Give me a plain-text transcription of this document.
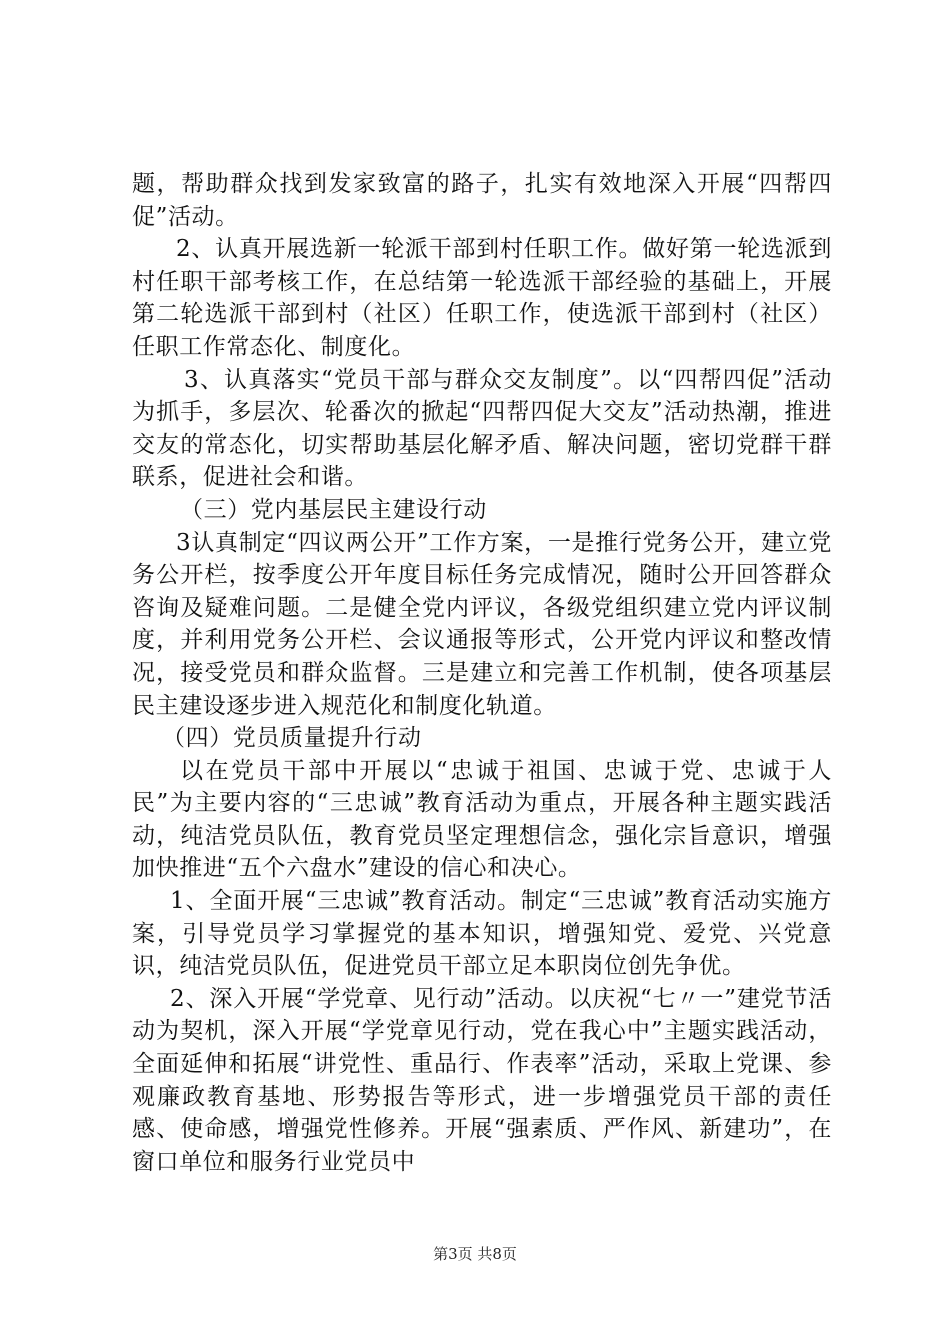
题，帮助群众找到发家致富的路子，扎实有效地深入开展“四帮四促”活动。

2、认真开展选新一轮派干部到村任职工作。做好第一轮选派到村任职干部考核工作，在总结第一轮选派干部经验的基础上，开展第二轮选派干部到村（社区）任职工作，使选派干部到村（社区）任职工作常态化、制度化。

3、认真落实“党员干部与群众交友制度”。以“四帮四促”活动为抓手，多层次、轮番次的掀起“四帮四促大交友”活动热潮，推进交友的常态化，切实帮助基层化解矛盾、解决问题，密切党群干群联系，促进社会和谐。

（三）党内基层民主建设行动

3认真制定“四议两公开”工作方案，一是推行党务公开，建立党务公开栏，按季度公开年度目标任务完成情况，随时公开回答群众咨询及疑难问题。二是健全党内评议，各级党组织建立党内评议制度，并利用党务公开栏、会议通报等形式，公开党内评议和整改情况，接受党员和群众监督。三是建立和完善工作机制，使各项基层民主建设逐步进入规范化和制度化轨道。

（四）党员质量提升行动

以在党员干部中开展以“忠诚于祖国、忠诚于党、忠诚于人民”为主要内容的“三忠诚”教育活动为重点，开展各种主题实践活动，纯洁党员队伍，教育党员坚定理想信念，强化宗旨意识，增强加快推进“五个六盘水”建设的信心和决心。

1、全面开展“三忠诚”教育活动。制定“三忠诚”教育活动实施方案，引导党员学习掌握党的基本知识，增强知党、爱党、兴党意识，纯洁党员队伍，促进党员干部立足本职岗位创先争优。

2、深入开展“学党章、见行动”活动。以庆祝“七〃一”建党节活动为契机，深入开展“学党章见行动，党在我心中”主题实践活动，全面延伸和拓展“讲党性、重品行、作表率”活动，采取上党课、参观廉政教育基地、形势报告等形式，进一步增强党员干部的责任感、使命感，增强党性修养。开展“强素质、严作风、新建功”，在窗口单位和服务行业党员中

第3页 共8页
